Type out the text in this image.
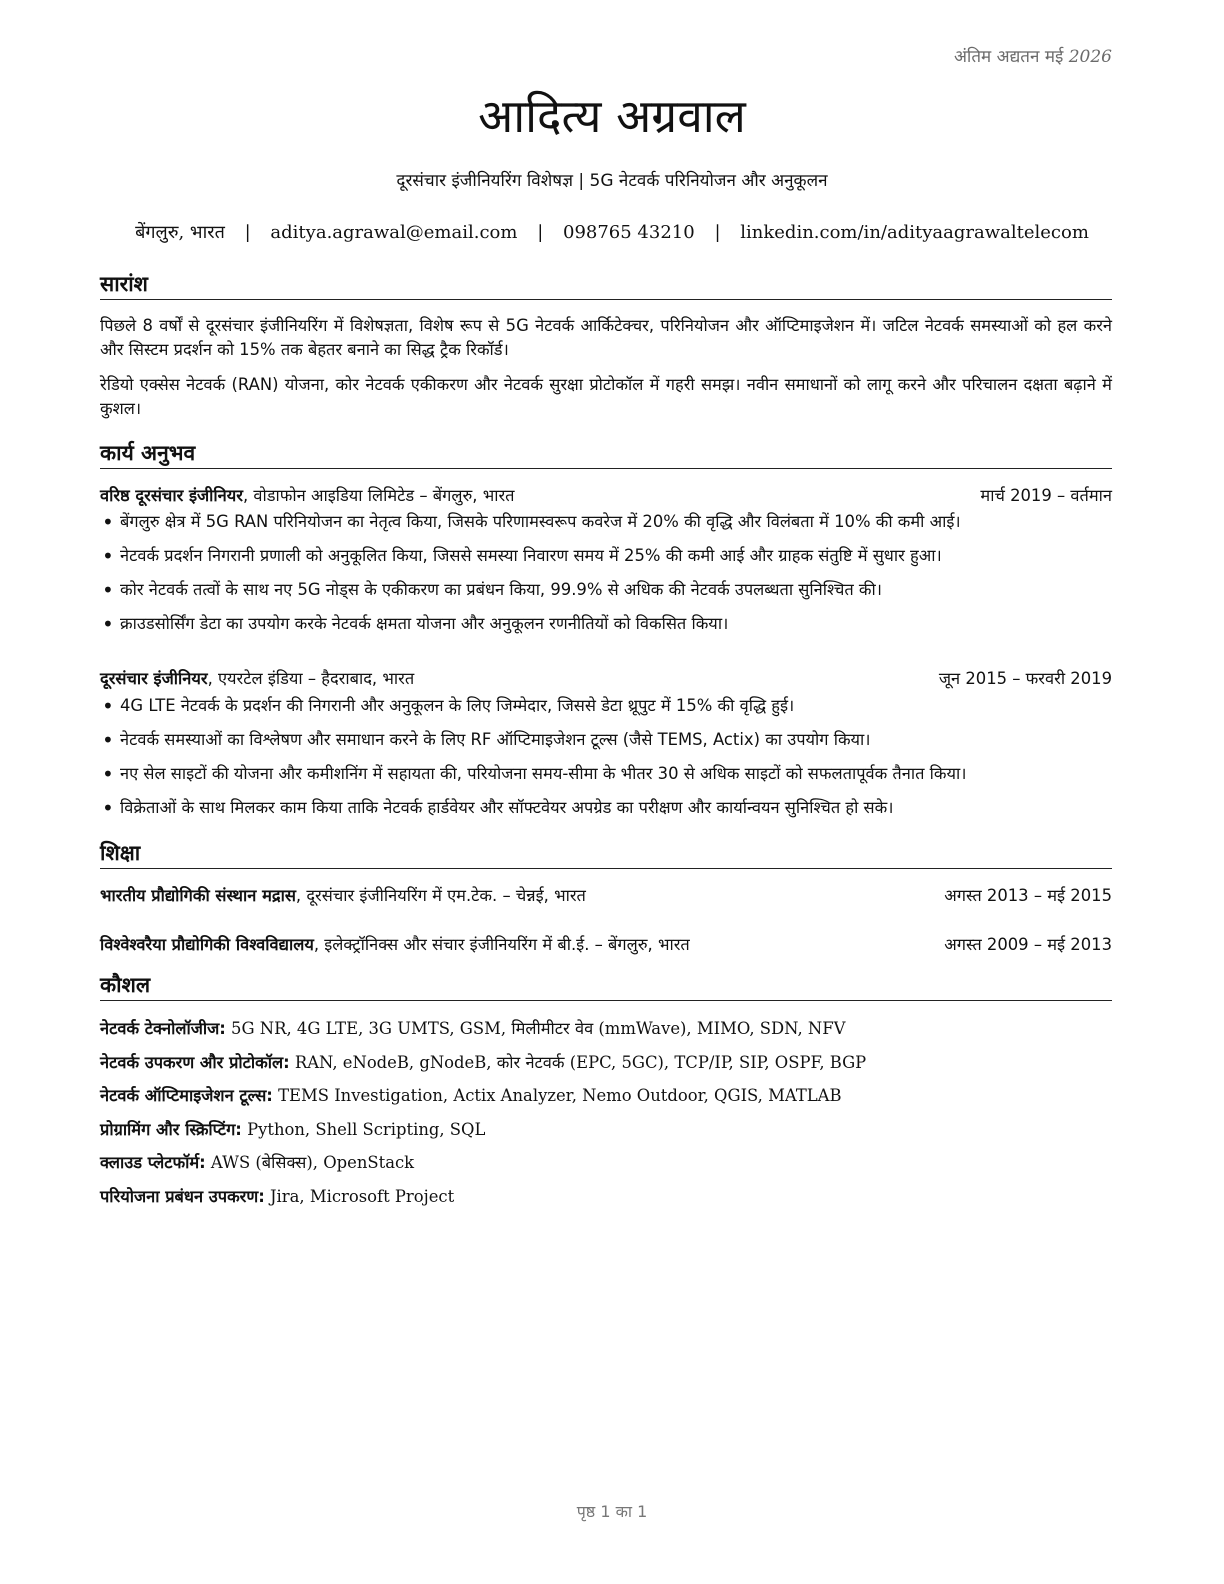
अंतिम अद्यतन मई 2026
आदित्य अग्रवाल
दूरसंचार इंजीनियरिंग विशेषज्ञ | 5G नेटवर्क परिनियोजन और अनुकूलन
बेंगलुरु, भारत | aditya.agrawal@email.com | 098765 43210 | linkedin.com/in/adityaagrawaltelecom
सारांश
पिछले 8 वर्षों से दूरसंचार इंजीनियरिंग में विशेषज्ञता, विशेष रूप से 5G नेटवर्क आर्किटेक्चर, परिनियोजन और ऑप्टिमाइजेशन में। जटिल नेटवर्क समस्याओं को हल करने और सिस्टम प्रदर्शन को 15% तक बेहतर बनाने का सिद्ध ट्रैक रिकॉर्ड।
रेडियो एक्सेस नेटवर्क (RAN) योजना, कोर नेटवर्क एकीकरण और नेटवर्क सुरक्षा प्रोटोकॉल में गहरी समझ। नवीन समाधानों को लागू करने और परिचालन दक्षता बढ़ाने में कुशल।
कार्य अनुभव
वरिष्ठ दूरसंचार इंजीनियर, वोडाफोन आइडिया लिमिटेड – बेंगलुरु, भारत	मार्च 2019 – वर्तमान
• बेंगलुरु क्षेत्र में 5G RAN परिनियोजन का नेतृत्व किया, जिसके परिणामस्वरूप कवरेज में 20% की वृद्धि और विलंबता में 10% की कमी आई।
• नेटवर्क प्रदर्शन निगरानी प्रणाली को अनुकूलित किया, जिससे समस्या निवारण समय में 25% की कमी आई और ग्राहक संतुष्टि में सुधार हुआ।
• कोर नेटवर्क तत्वों के साथ नए 5G नोड्स के एकीकरण का प्रबंधन किया, 99.9% से अधिक की नेटवर्क उपलब्धता सुनिश्चित की।
• क्राउडसोर्सिंग डेटा का उपयोग करके नेटवर्क क्षमता योजना और अनुकूलन रणनीतियों को विकसित किया।
दूरसंचार इंजीनियर, एयरटेल इंडिया – हैदराबाद, भारत	जून 2015 – फरवरी 2019
• 4G LTE नेटवर्क के प्रदर्शन की निगरानी और अनुकूलन के लिए जिम्मेदार, जिससे डेटा थ्रूपुट में 15% की वृद्धि हुई।
• नेटवर्क समस्याओं का विश्लेषण और समाधान करने के लिए RF ऑप्टिमाइजेशन टूल्स (जैसे TEMS, Actix) का उपयोग किया।
• नए सेल साइटों की योजना और कमीशनिंग में सहायता की, परियोजना समय-सीमा के भीतर 30 से अधिक साइटों को सफलतापूर्वक तैनात किया।
• विक्रेताओं के साथ मिलकर काम किया ताकि नेटवर्क हार्डवेयर और सॉफ्टवेयर अपग्रेड का परीक्षण और कार्यान्वयन सुनिश्चित हो सके।
शिक्षा
भारतीय प्रौद्योगिकी संस्थान मद्रास, दूरसंचार इंजीनियरिंग में एम.टेक. – चेन्नई, भारत	अगस्त 2013 – मई 2015
विश्वेश्वरैया प्रौद्योगिकी विश्वविद्यालय, इलेक्ट्रॉनिक्स और संचार इंजीनियरिंग में बी.ई. – बेंगलुरु, भारत	अगस्त 2009 – मई 2013
कौशल
नेटवर्क टेक्नोलॉजीज: 5G NR, 4G LTE, 3G UMTS, GSM, मिलीमीटर वेव (mmWave), MIMO, SDN, NFV
नेटवर्क उपकरण और प्रोटोकॉल: RAN, eNodeB, gNodeB, कोर नेटवर्क (EPC, 5GC), TCP/IP, SIP, OSPF, BGP
नेटवर्क ऑप्टिमाइजेशन टूल्स: TEMS Investigation, Actix Analyzer, Nemo Outdoor, QGIS, MATLAB
प्रोग्रामिंग और स्क्रिप्टिंग: Python, Shell Scripting, SQL
क्लाउड प्लेटफॉर्म: AWS (बेसिक्स), OpenStack
परियोजना प्रबंधन उपकरण: Jira, Microsoft Project
पृष्ठ 1 का 1
